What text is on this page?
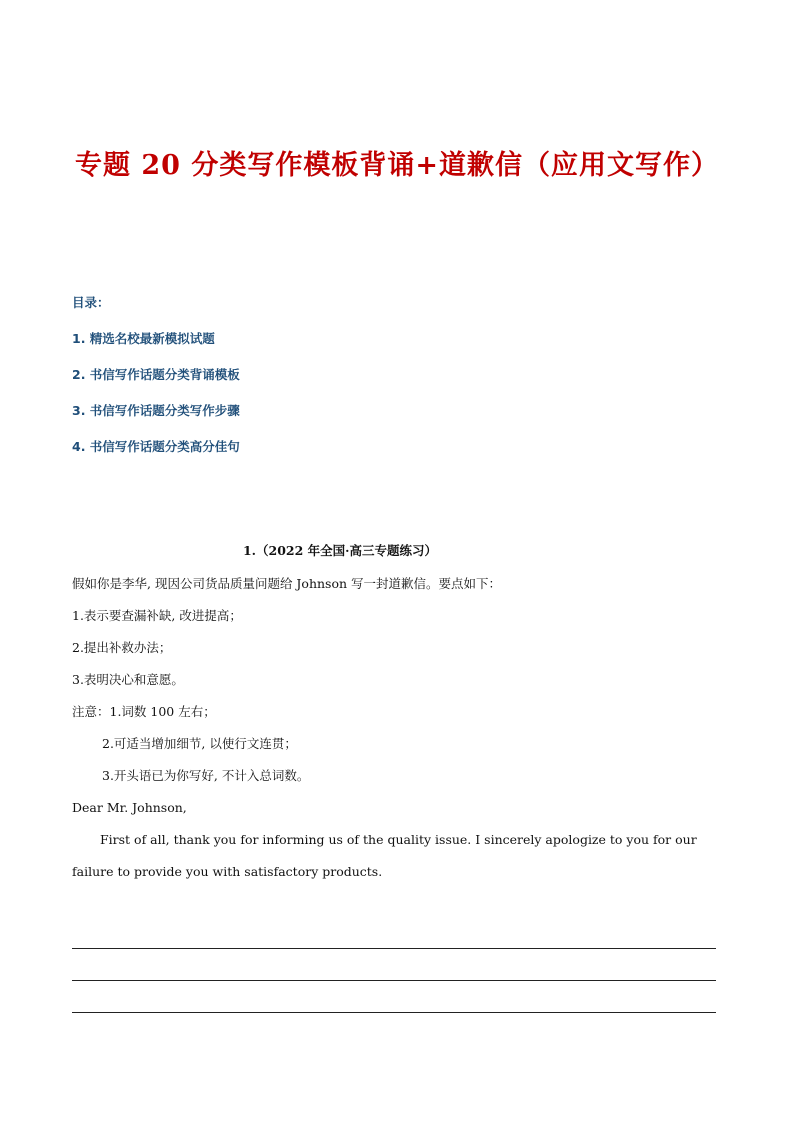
专题 20 分类写作模板背诵+道歉信（应用文写作）
目录：
1. 精选名校最新模拟试题
2. 书信写作话题分类背诵模板
3. 书信写作话题分类写作步骤
4. 书信写作话题分类高分佳句
1.（2022 年全国·高三专题练习）
假如你是李华, 现因公司货品质量问题给 Johnson 写一封道歉信。要点如下：
1.表示要查漏补缺, 改进提高；
2.提出补救办法；
3.表明决心和意愿。
注意：1.词数 100 左右；
2.可适当增加细节, 以使行文连贯；
3.开头语已为你写好, 不计入总词数。
Dear Mr. Johnson,
First of all, thank you for informing us of the quality issue. I sincerely apologize to you for our failure to provide you with satisfactory products.
